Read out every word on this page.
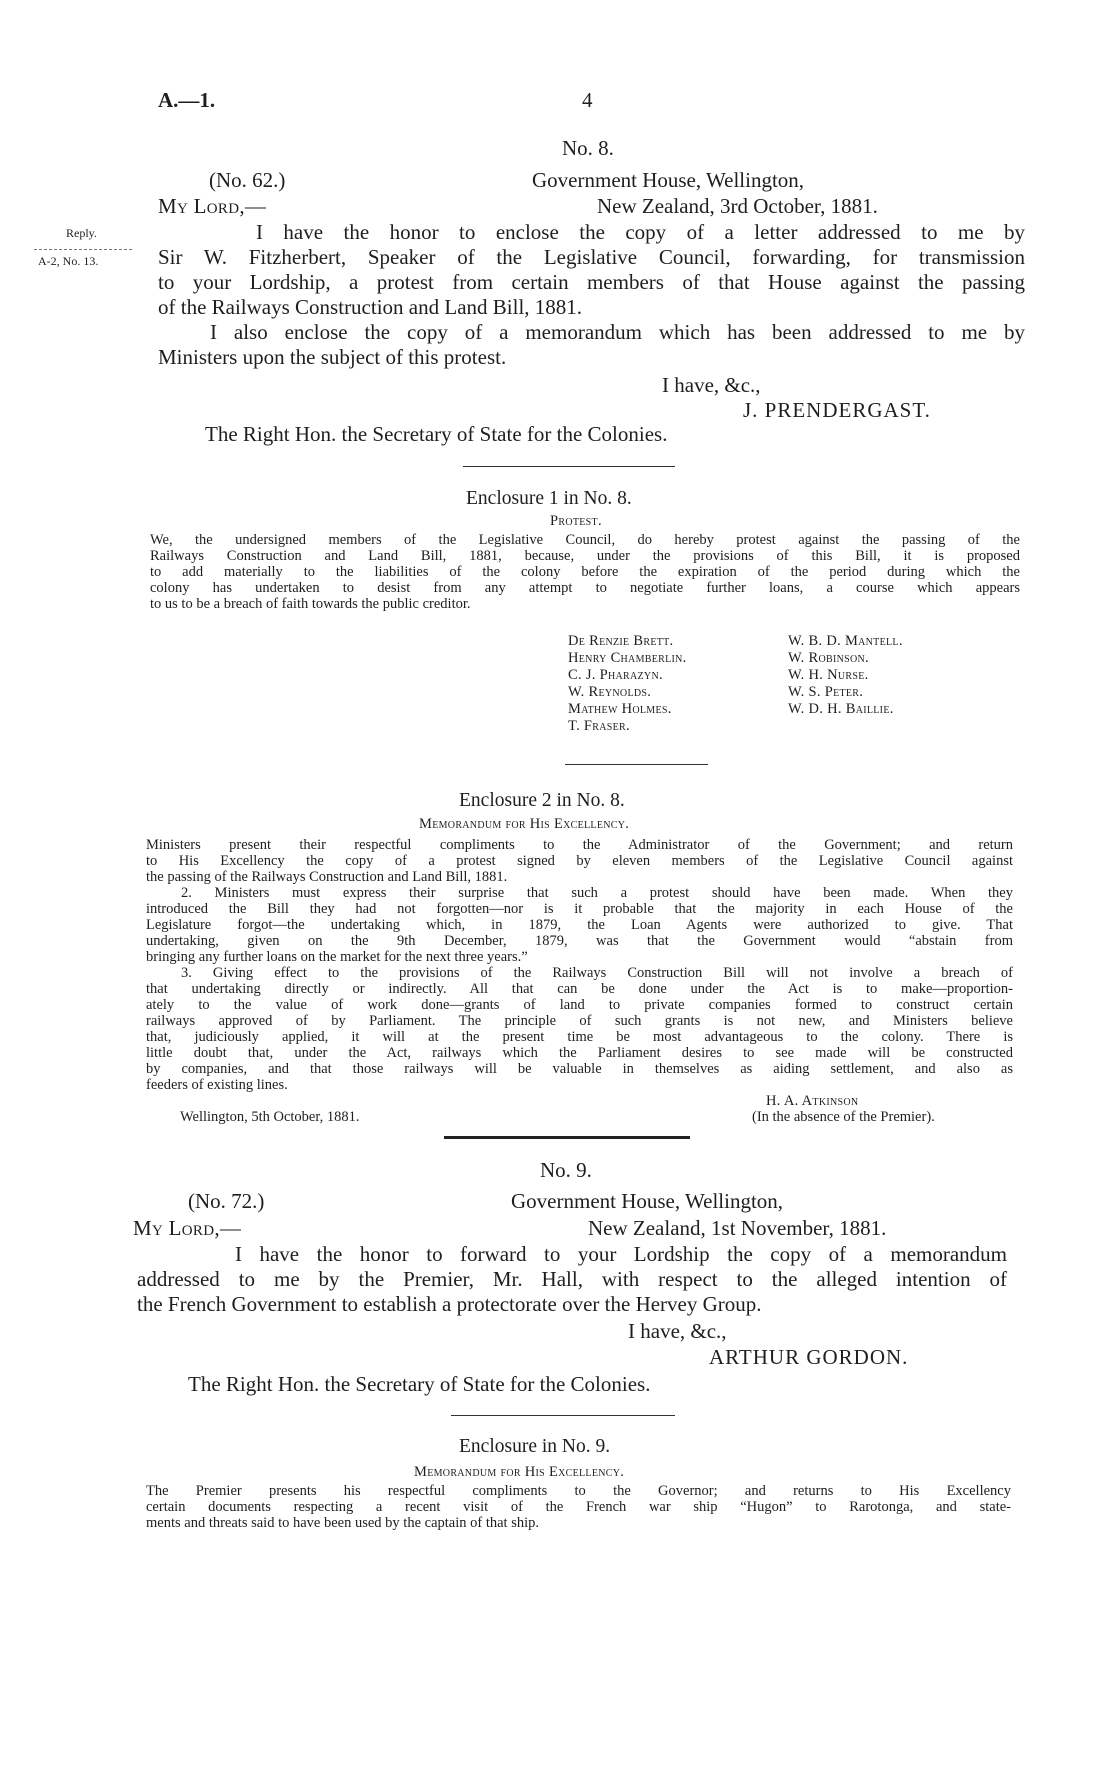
A.—1.	4
No. 8.
(No. 62.)	Government House, Wellington,
My Lord,—	New Zealand, 3rd October, 1881.
Reply.
A-2, No. 13.
I have the honor to enclose the copy of a letter addressed to me by
Sir W. Fitzherbert, Speaker of the Legislative Council, forwarding, for transmission
to your Lordship, a protest from certain members of that House against the passing
of the Railways Construction and Land Bill, 1881.
I also enclose the copy of a memorandum which has been addressed to me by
Ministers upon the subject of this protest.
I have, &c.,
J. PRENDERGAST.
The Right Hon. the Secretary of State for the Colonies.
Enclosure 1 in No. 8.
Protest.
We, the undersigned members of the Legislative Council, do hereby protest against the passing of the
Railways Construction and Land Bill, 1881, because, under the provisions of this Bill, it is proposed
to add materially to the liabilities of the colony before the expiration of the period during which the
colony has undertaken to desist from any attempt to negotiate further loans, a course which appears
to us to be a breach of faith towards the public creditor.
De Renzie Brett.	W. B. D. Mantell.
Henry Chamberlin.	W. Robinson.
C. J. Pharazyn.	W. H. Nurse.
W. Reynolds.	W. S. Peter.
Mathew Holmes.	W. D. H. Baillie.
T. Fraser.
Enclosure 2 in No. 8.
Memorandum for His Excellency.
Ministers present their respectful compliments to the Administrator of the Government; and return
to His Excellency the copy of a protest signed by eleven members of the Legislative Council against
the passing of the Railways Construction and Land Bill, 1881.
2. Ministers must express their surprise that such a protest should have been made. When they
introduced the Bill they had not forgotten—nor is it probable that the majority in each House of the
Legislature forgot—the undertaking which, in 1879, the Loan Agents were authorized to give. That
undertaking, given on the 9th December, 1879, was that the Government would “abstain from
bringing any further loans on the market for the next three years.”
3. Giving effect to the provisions of the Railways Construction Bill will not involve a breach of
that undertaking directly or indirectly. All that can be done under the Act is to make—proportion-
ately to the value of work done—grants of land to private companies formed to construct certain
railways approved of by Parliament. The principle of such grants is not new, and Ministers believe
that, judiciously applied, it will at the present time be most advantageous to the colony. There is
little doubt that, under the Act, railways which the Parliament desires to see made will be constructed
by companies, and that those railways will be valuable in themselves as aiding settlement, and also as
feeders of existing lines.
H. A. Atkinson
Wellington, 5th October, 1881.	(In the absence of the Premier).
No. 9.
(No. 72.)	Government House, Wellington,
My Lord,—	New Zealand, 1st November, 1881.
I have the honor to forward to your Lordship the copy of a memorandum
addressed to me by the Premier, Mr. Hall, with respect to the alleged intention of
the French Government to establish a protectorate over the Hervey Group.
I have, &c.,
ARTHUR GORDON.
The Right Hon. the Secretary of State for the Colonies.
Enclosure in No. 9.
Memorandum for His Excellency.
The Premier presents his respectful compliments to the Governor; and returns to His Excellency
certain documents respecting a recent visit of the French war ship “Hugon” to Rarotonga, and state-
ments and threats said to have been used by the captain of that ship.
